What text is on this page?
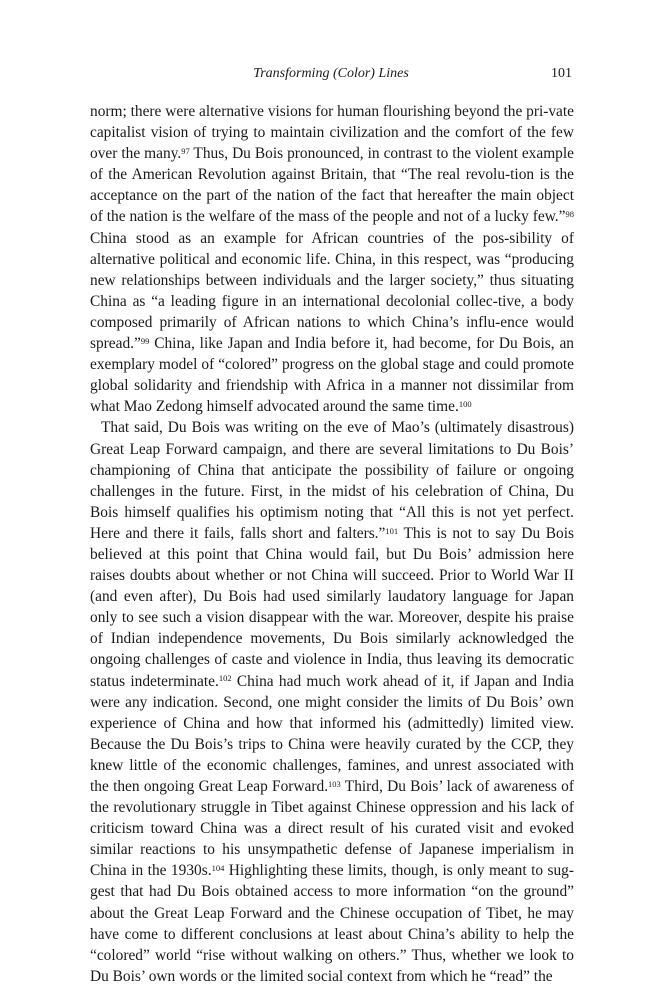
Transforming (Color) Lines	101

norm; there were alternative visions for human flourishing beyond the pri-vate capitalist vision of trying to maintain civilization and the comfort of the few over the many.$^{97}$ Thus, Du Bois pronounced, in contrast to the violent example of the American Revolution against Britain, that “The real revolu-tion is the acceptance on the part of the nation of the fact that hereafter the main object of the nation is the welfare of the mass of the people and not of a lucky few.”$^{98}$ China stood as an example for African countries of the pos-sibility of alternative political and economic life. China, in this respect, was “producing new relationships between individuals and the larger society,” thus situating China as “a leading figure in an international decolonial collec-tive, a body composed primarily of African nations to which China’s influ-ence would spread.”$^{99}$ China, like Japan and India before it, had become, for Du Bois, an exemplary model of “colored” progress on the global stage and could promote global solidarity and friendship with Africa in a manner not dissimilar from what Mao Zedong himself advocated around the same time.$^{100}$

That said, Du Bois was writing on the eve of Mao’s (ultimately disastrous) Great Leap Forward campaign, and there are several limitations to Du Bois’ championing of China that anticipate the possibility of failure or ongoing challenges in the future. First, in the midst of his celebration of China, Du Bois himself qualifies his optimism noting that “All this is not yet perfect. Here and there it fails, falls short and falters.”$^{101}$ This is not to say Du Bois believed at this point that China would fail, but Du Bois’ admission here raises doubts about whether or not China will succeed. Prior to World War II (and even after), Du Bois had used similarly laudatory language for Japan only to see such a vision disappear with the war. Moreover, despite his praise of Indian independence movements, Du Bois similarly acknowledged the ongoing challenges of caste and violence in India, thus leaving its democratic status indeterminate.$^{102}$ China had much work ahead of it, if Japan and India were any indication. Second, one might consider the limits of Du Bois’ own experience of China and how that informed his (admittedly) limited view. Because the Du Bois’s trips to China were heavily curated by the CCP, they knew little of the economic challenges, famines, and unrest associated with the then ongoing Great Leap Forward.$^{103}$ Third, Du Bois’ lack of awareness of the revolutionary struggle in Tibet against Chinese oppression and his lack of criticism toward China was a direct result of his curated visit and evoked similar reactions to his unsympathetic defense of Japanese imperialism in China in the 1930s.$^{104}$ Highlighting these limits, though, is only meant to sug-gest that had Du Bois obtained access to more information “on the ground” about the Great Leap Forward and the Chinese occupation of Tibet, he may have come to different conclusions at least about China’s ability to help the “colored” world “rise without walking on others.” Thus, whether we look to Du Bois’ own words or the limited social context from which he “read” the
